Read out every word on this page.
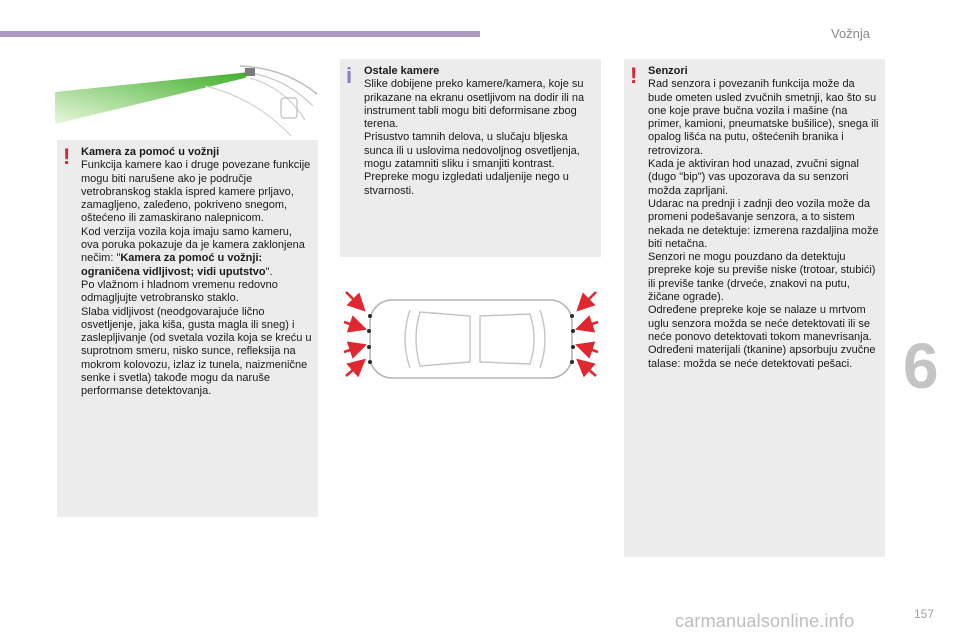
Vožnja
6
157
! Kamera za pomoć u vožnji

Funkcija kamere kao i druge povezane funkcije mogu biti narušene ako je područje vetrobranskog stakla ispred kamere prljavo, zamagljeno, zaleđeno, pokriveno snegom, oštećeno ili zamaskirano nalepnicom.

Kod verzija vozila koja imaju samo kameru, ova poruka pokazuje da je kamera zaklonjena nečim: "Kamera za pomoć u vožnji: ograničena vidljivost; vidi uputstvo".

Po vlažnom i hladnom vremenu redovno odmagljujte vetrobransko staklo.

Slaba vidljivost (neodgovarajuće lično osvetljenje, jaka kiša, gusta magla ili sneg) i zaslepljivanje (od svetala vozila koja se kreću u suprotnom smeru, nisko sunce, refleksija na mokrom kolovozu, izlaz iz tunela, naizmenične senke i svetla) takođe mogu da naruše performanse detektovanja.

i Ostale kamere

Slike dobijene preko kamere/kamera, koje su prikazane na ekranu osetljivom na dodir ili na instrument tabli mogu biti deformisane zbog terena.

Prisustvo tamnih delova, u slučaju bljeska sunca ili u uslovima nedovoljnog osvetljenja, mogu zatamniti sliku i smanjiti kontrast.

Prepreke mogu izgledati udaljenije nego u stvarnosti.

! Senzori

Rad senzora i povezanih funkcija može da bude ometen usled zvučnih smetnji, kao što su one koje prave bučna vozila i mašine (na primer, kamioni, pneumatske bušilice), snega ili opalog lišća na putu, oštećenih branika i retrovizora.

Kada je aktiviran hod unazad, zvučni signal (dugo "bip") vas upozorava da su senzori možda zaprljani.

Udarac na prednji i zadnji deo vozila može da promeni podešavanje senzora, a to sistem nekada ne detektuje: izmerena razdaljina može biti netačna.

Senzori ne mogu pouzdano da detektuju prepreke koje su previše niske (trotoar, stubići) ili previše tanke (drveće, znakovi na putu, žičane ograde).

Određene prepreke koje se nalaze u mrtvom uglu senzora možda se neće detektovati ili se neće ponovo detektovati tokom manevrisanja.

Određeni materijali (tkanine) apsorbuju zvučne talase: možda se neće detektovati pešaci.

carmanualsonline.info
